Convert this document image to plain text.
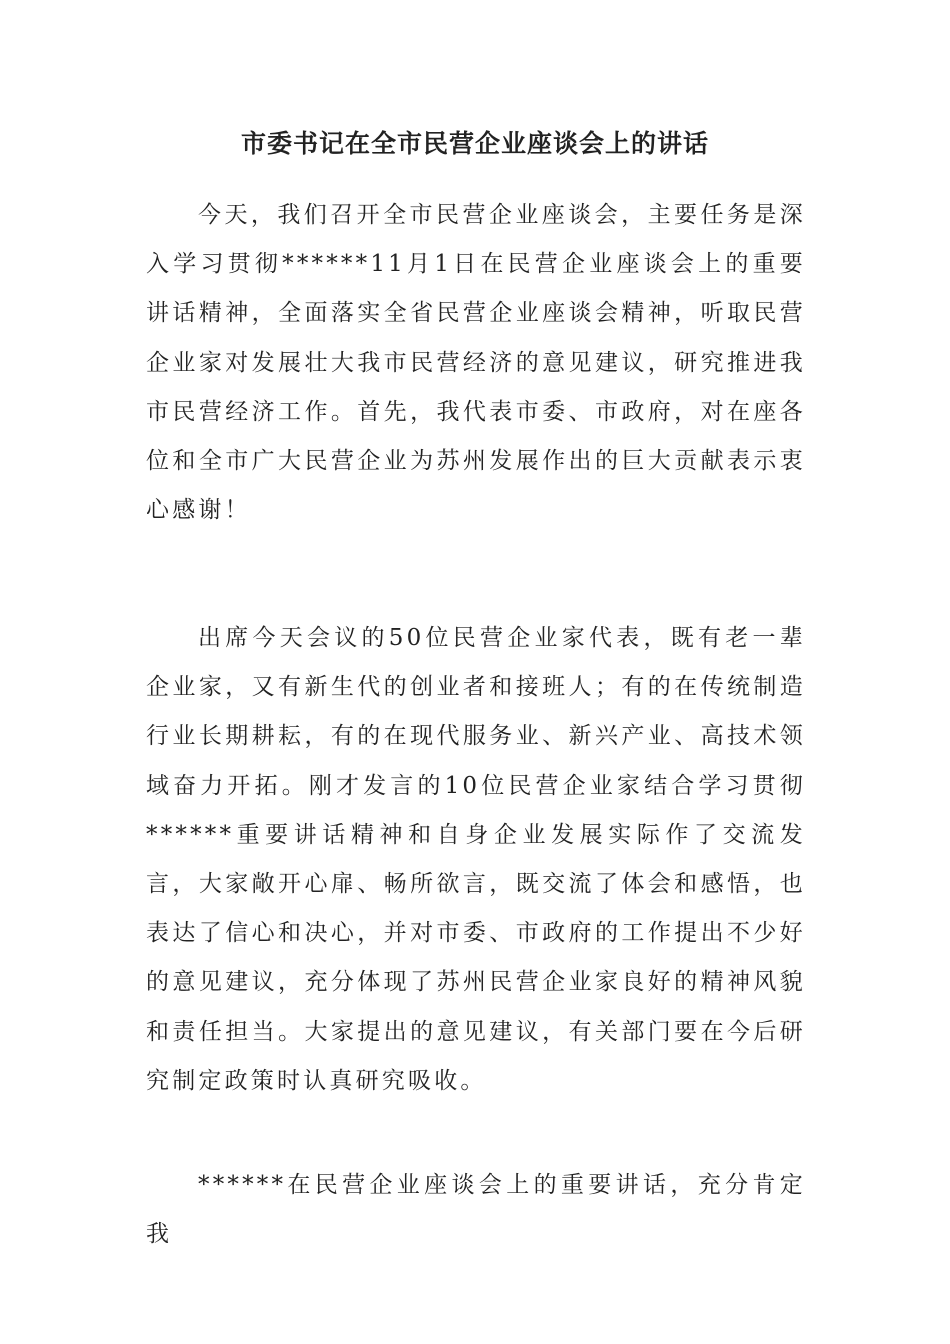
市委书记在全市民营企业座谈会上的讲话

今天，我们召开全市民营企业座谈会，主要任务是深入学习贯彻******11月1日在民营企业座谈会上的重要讲话精神，全面落实全省民营企业座谈会精神，听取民营企业家对发展壮大我市民营经济的意见建议，研究推进我市民营经济工作。首先，我代表市委、市政府，对在座各位和全市广大民营企业为苏州发展作出的巨大贡献表示衷心感谢！

出席今天会议的50位民营企业家代表，既有老一辈企业家，又有新生代的创业者和接班人；有的在传统制造行业长期耕耘，有的在现代服务业、新兴产业、高技术领域奋力开拓。刚才发言的10位民营企业家结合学习贯彻******重要讲话精神和自身企业发展实际作了交流发言，大家敞开心扉、畅所欲言，既交流了体会和感悟，也表达了信心和决心，并对市委、市政府的工作提出不少好的意见建议，充分体现了苏州民营企业家良好的精神风貌和责任担当。大家提出的意见建议，有关部门要在今后研究制定政策时认真研究吸收。

******在民营企业座谈会上的重要讲话，充分肯定我
